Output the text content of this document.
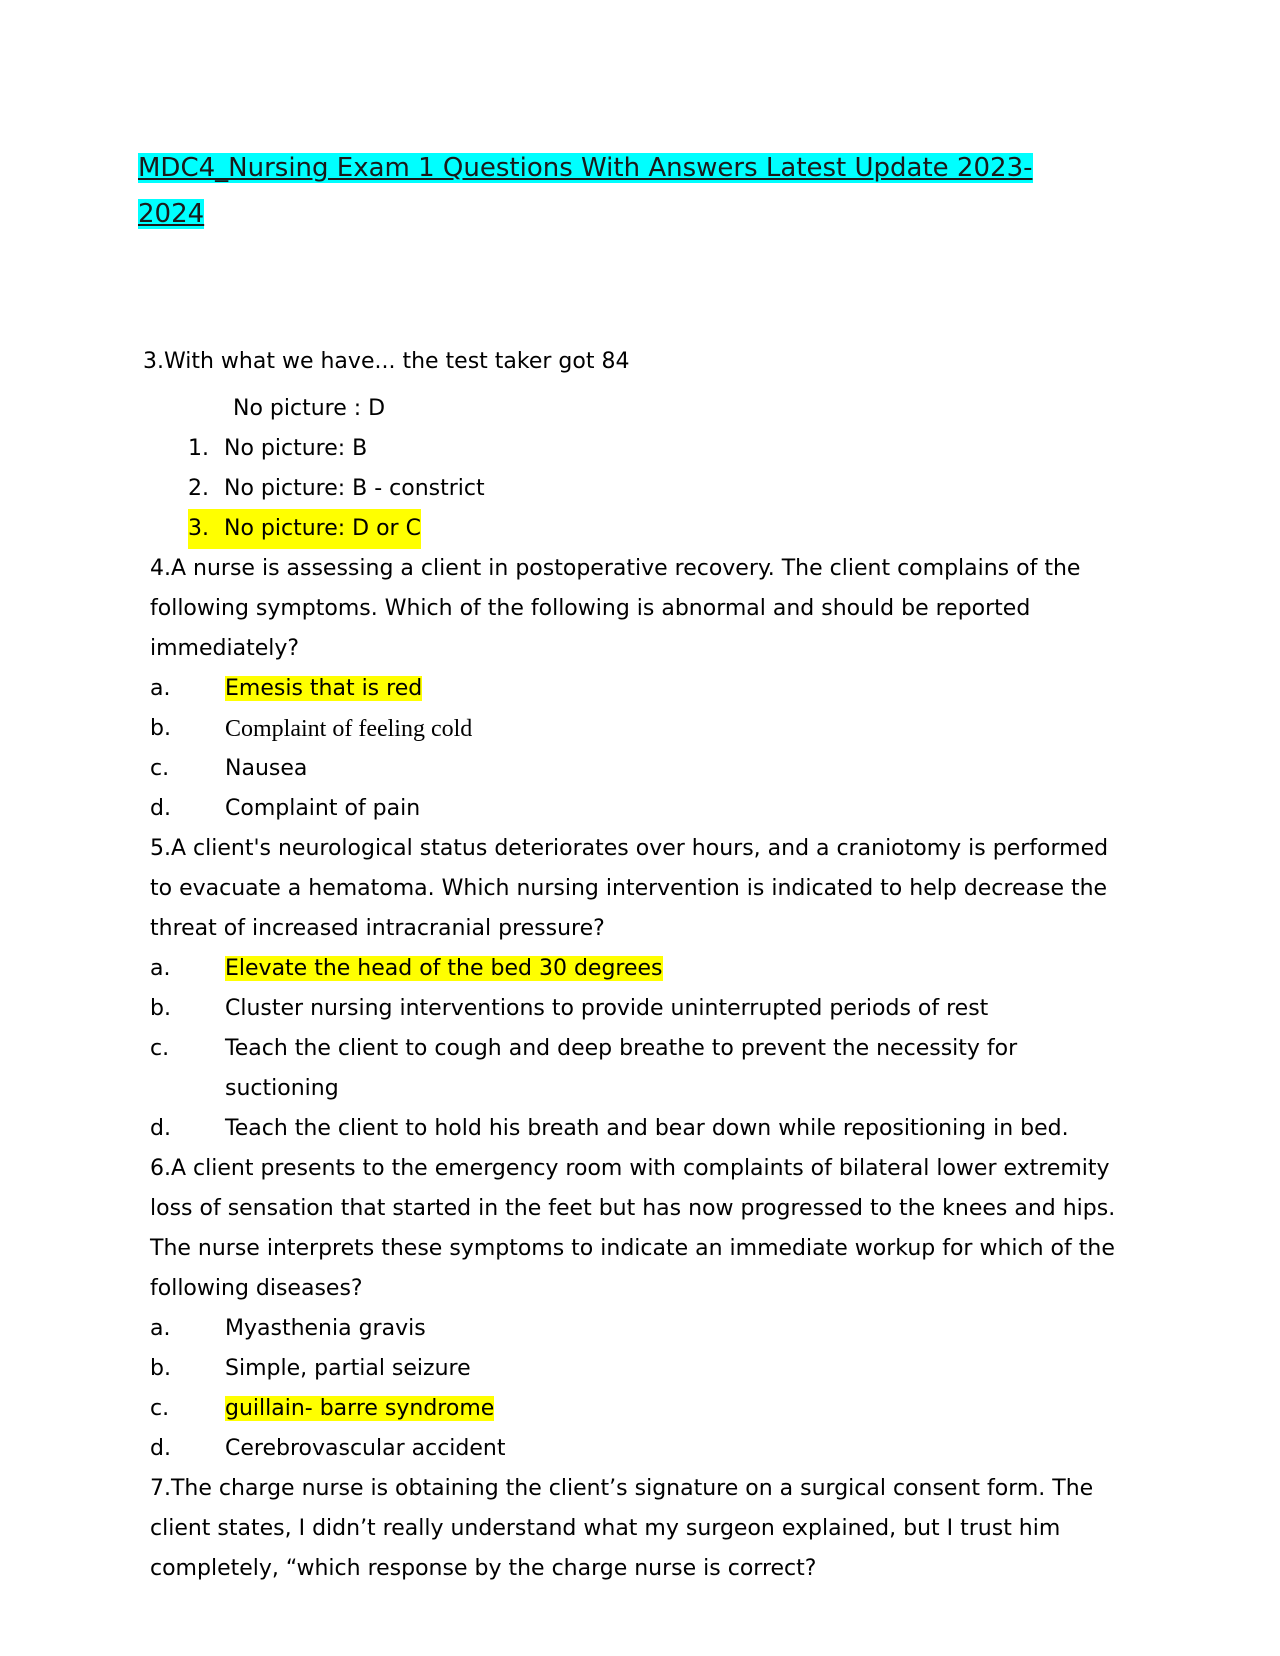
MDC4_Nursing Exam 1 Questions With Answers Latest Update 2023-2024
3.With what we have... the test taker got 84
No picture : D
1. No picture: B
2. No picture: B - constrict
3. No picture: D or C
4.A nurse is assessing a client in postoperative recovery. The client complains of the following symptoms. Which of the following is abnormal and should be reported immediately?
a.	Emesis that is red
b.	Complaint of feeling cold
c.	Nausea
d.	Complaint of pain
5.A client's neurological status deteriorates over hours, and a craniotomy is performed to evacuate a hematoma. Which nursing intervention is indicated to help decrease the threat of increased intracranial pressure?
a.	Elevate the head of the bed 30 degrees
b.	Cluster nursing interventions to provide uninterrupted periods of rest
c.	Teach the client to cough and deep breathe to prevent the necessity for suctioning
d.	Teach the client to hold his breath and bear down while repositioning in bed.
6.A client presents to the emergency room with complaints of bilateral lower extremity loss of sensation that started in the feet but has now progressed to the knees and hips. The nurse interprets these symptoms to indicate an immediate workup for which of the following diseases?
a.	Myasthenia gravis
b.	Simple, partial seizure
c.	guillain- barre syndrome
d.	Cerebrovascular accident
7.The charge nurse is obtaining the client’s signature on a surgical consent form. The client states, I didn’t really understand what my surgeon explained, but I trust him completely, “which response by the charge nurse is correct?
